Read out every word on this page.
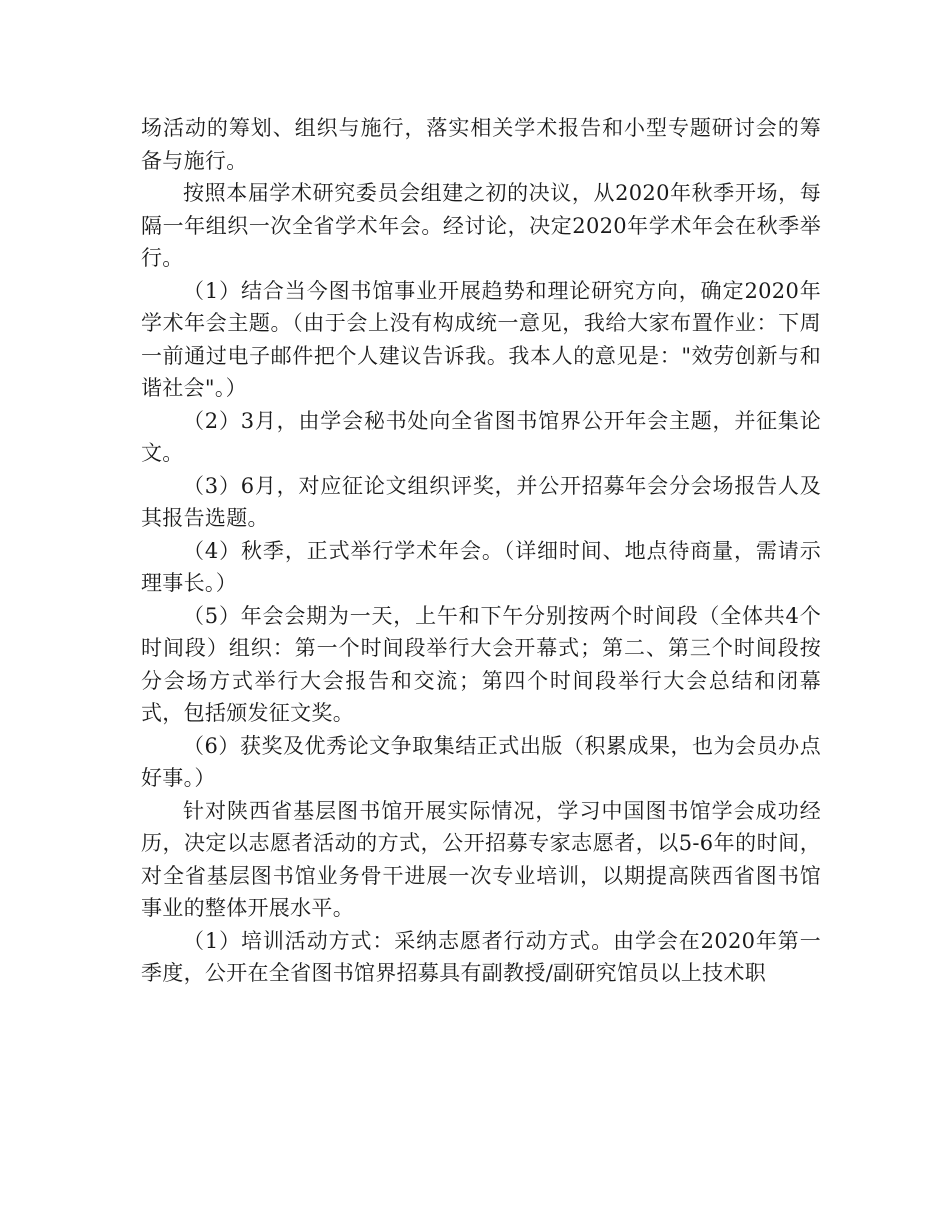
场活动的筹划、组织与施行，落实相关学术报告和小型专题研讨会的筹备与施行。

按照本届学术研究委员会组建之初的决议，从2020年秋季开场，每隔一年组织一次全省学术年会。经讨论，决定2020年学术年会在秋季举行。

（1）结合当今图书馆事业开展趋势和理论研究方向，确定2020年学术年会主题。（由于会上没有构成统一意见，我给大家布置作业：下周一前通过电子邮件把个人建议告诉我。我本人的意见是："效劳创新与和谐社会"。）

（2）3月，由学会秘书处向全省图书馆界公开年会主题，并征集论文。

（3）6月，对应征论文组织评奖，并公开招募年会分会场报告人及其报告选题。

（4）秋季，正式举行学术年会。（详细时间、地点待商量，需请示理事长。）

（5）年会会期为一天，上午和下午分别按两个时间段（全体共4个时间段）组织：第一个时间段举行大会开幕式；第二、第三个时间段按分会场方式举行大会报告和交流；第四个时间段举行大会总结和闭幕式，包括颁发征文奖。

（6）获奖及优秀论文争取集结正式出版（积累成果，也为会员办点好事。）

针对陕西省基层图书馆开展实际情况，学习中国图书馆学会成功经历，决定以志愿者活动的方式，公开招募专家志愿者，以5-6年的时间，对全省基层图书馆业务骨干进展一次专业培训，以期提高陕西省图书馆事业的整体开展水平。

（1）培训活动方式：采纳志愿者行动方式。由学会在2020年第一季度，公开在全省图书馆界招募具有副教授/副研究馆员以上技术职
